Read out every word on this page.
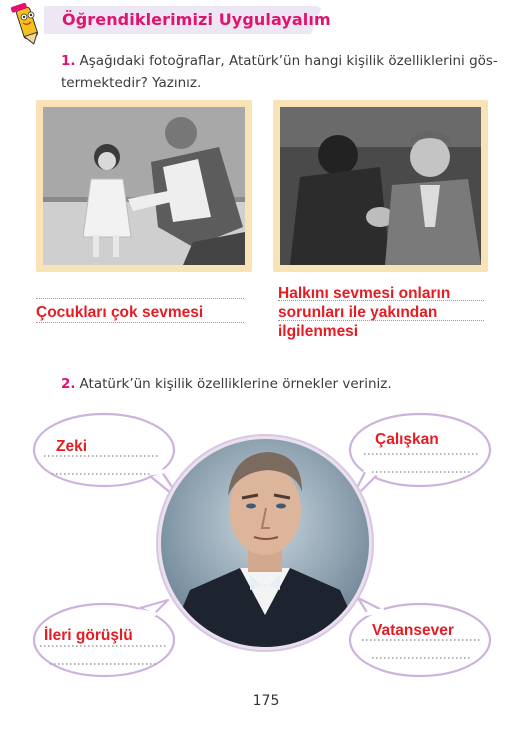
Öğrendiklerimizi Uygulayalım
1. Aşağıdaki fotoğraflar, Atatürk’ün hangi kişilik özelliklerini gös-
termektedir? Yazınız.
Çocukları çok sevmesi
Halkını sevmesi onların
sorunları ile yakından
ilgilenmesi
2. Atatürk’ün kişilik özelliklerine örnekler veriniz.
Zeki	Çalışkan
İleri görüşlü	Vatansever
175
